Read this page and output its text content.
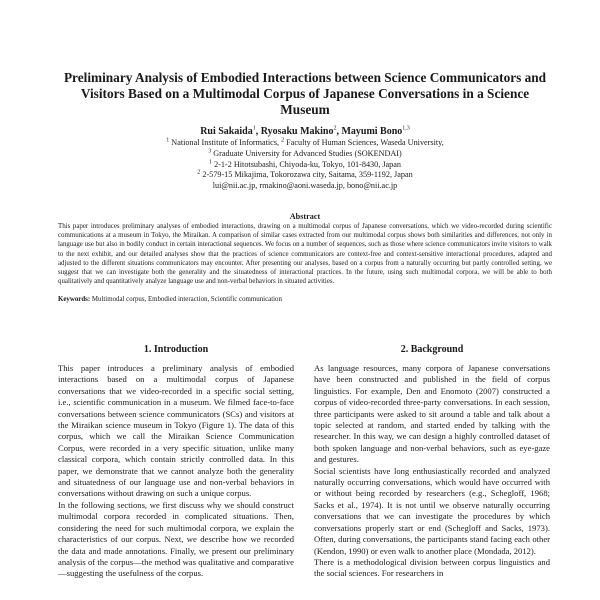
Preliminary Analysis of Embodied Interactions between Science Communicators and Visitors Based on a Multimodal Corpus of Japanese Conversations in a Science Museum
Rui Sakaida$^1$, Ryosaku Makino$^2$, Mayumi Bono$^{1,3}$
$^1$ National Institute of Informatics, $^2$ Faculty of Human Sciences, Waseda University,
$^3$ Graduate University for Advanced Studies (SOKENDAI)
$^1$ 2-1-2 Hitotsubashi, Chiyoda-ku, Tokyo, 101-8430, Japan
$^2$ 2-579-15 Mikajima, Tokorozawa city, Saitama, 359-1192, Japan
lui@nii.ac.jp, rmakino@aoni.waseda.jp, bono@nii.ac.jp
Abstract
This paper introduces preliminary analyses of embodied interactions, drawing on a multimodal corpus of Japanese conversations, which we video-recorded during scientific communications at a museum in Tokyo, the Miraikan. A comparison of similar cases extracted from our multimodal corpus shows both similarities and differences, not only in language use but also in bodily conduct in certain interactional sequences. We focus on a number of sequences, such as those where science communicators invite visitors to walk to the next exhibit, and our detailed analyses show that the practices of science communicators are context-free and context-sensitive interactional procedures, adapted and adjusted to the different situations communicators may encounter. After presenting our analyses, based on a corpus from a naturally occurring but partly controlled setting, we suggest that we can investigate both the generality and the situatedness of interactional practices. In the future, using such multimodal corpora, we will be able to both qualitatively and quantitatively analyze language use and non-verbal behaviors in situated activities.
Keywords: Multimodal corpus, Embodied interaction, Scientific communication
1. Introduction

This paper introduces a preliminary analysis of embodied interactions based on a multimodal corpus of Japanese conversations that we video-recorded in a specific social setting, i.e., scientific communication in a museum. We filmed face-to-face conversations between science communicators (SCs) and visitors at the Miraikan science museum in Tokyo (Figure 1). The data of this corpus, which we call the Miraikan Science Communication Corpus, were recorded in a very specific situation, unlike many classical corpora, which contain strictly controlled data. In this paper, we demonstrate that we cannot analyze both the generality and situatedness of our language use and non-verbal behaviors in conversations without drawing on such a unique corpus.

In the following sections, we first discuss why we should construct multimodal corpora recorded in complicated situations. Then, considering the need for such multimodal corpora, we explain the characteristics of our corpus. Next, we describe how we recorded the data and made annotations. Finally, we present our preliminary analysis of the corpus—the method was qualitative and comparative—suggesting the usefulness of the corpus.

2. Background

As language resources, many corpora of Japanese conversations have been constructed and published in the field of corpus linguistics. For example, Den and Enomoto (2007) constructed a corpus of video-recorded three-party conversations. In each session, three participants were asked to sit around a table and talk about a topic selected at random, and started ended by talking with the researcher. In this way, we can design a highly controlled dataset of both spoken language and non-verbal behaviors, such as eye-gaze and gestures.

Social scientists have long enthusiastically recorded and analyzed naturally occurring conversations, which would have occurred with or without being recorded by researchers (e.g., Schegloff, 1968; Sacks et al., 1974). It is not until we observe naturally occurring conversations that we can investigate the procedures by which conversations properly start or end (Schegloff and Sacks, 1973). Often, during conversations, the participants stand facing each other (Kendon, 1990) or even walk to another place (Mondada, 2012).

There is a methodological division between corpus linguistics and the social sciences. For researchers in
